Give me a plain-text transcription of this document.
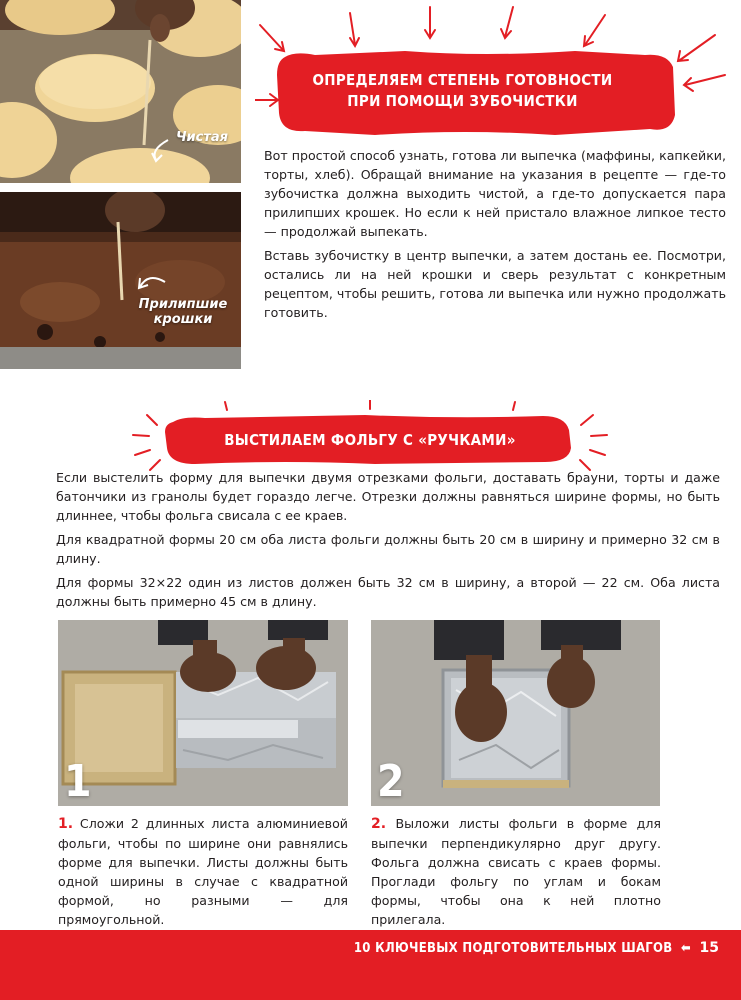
Чистая
Прилипшие
крошки
ОПРЕДЕЛЯЕМ СТЕПЕНЬ ГОТОВНОСТИ
ПРИ ПОМОЩИ ЗУБОЧИСТКИ

Вот простой способ узнать, готова ли выпечка (маффины, капкейки, торты, хлеб). Обращай внимание на указания в рецепте — где-то зубочистка должна выходить чистой, а где-то допускается пара прилипших крошек. Но если к ней пристало влажное липкое тесто — продолжай выпекать.

Вставь зубочистку в центр выпечки, а затем достань ее. Посмотри, остались ли на ней крошки и сверь результат с конкретным рецептом, чтобы решить, готова ли выпечка или нужно продолжать готовить.

ВЫСТИЛАЕМ ФОЛЬГУ С «РУЧКАМИ»

Если выстелить форму для выпечки двумя отрезками фольги, доставать брауни, торты и даже батончики из гранолы будет гораздо легче. Отрезки должны равняться ширине формы, но быть длиннее, чтобы фольга свисала с ее краев.

Для квадратной формы 20 см оба листа фольги должны быть 20 см в ширину и примерно 32 см в длину.

Для формы 32×22 один из листов должен быть 32 см в ширину, а второй — 22 см. Оба листа должны быть примерно 45 см в длину.

1	2
1. Сложи 2 длинных листа алюминиевой фольги, чтобы по ширине они равнялись форме для выпечки. Листы должны быть одной ширины в случае с квадратной формой, но разными — для прямоугольной.
2. Выложи листы фольги в форме для выпечки перпендикулярно друг другу. Фольга должна свисать с краев формы. Проглади фольгу по углам и бокам формы, чтобы она к ней плотно прилегала.
10 КЛЮЧЕВЫХ ПОДГОТОВИТЕЛЬНЫХ ШАГОВ ⬅ 15
